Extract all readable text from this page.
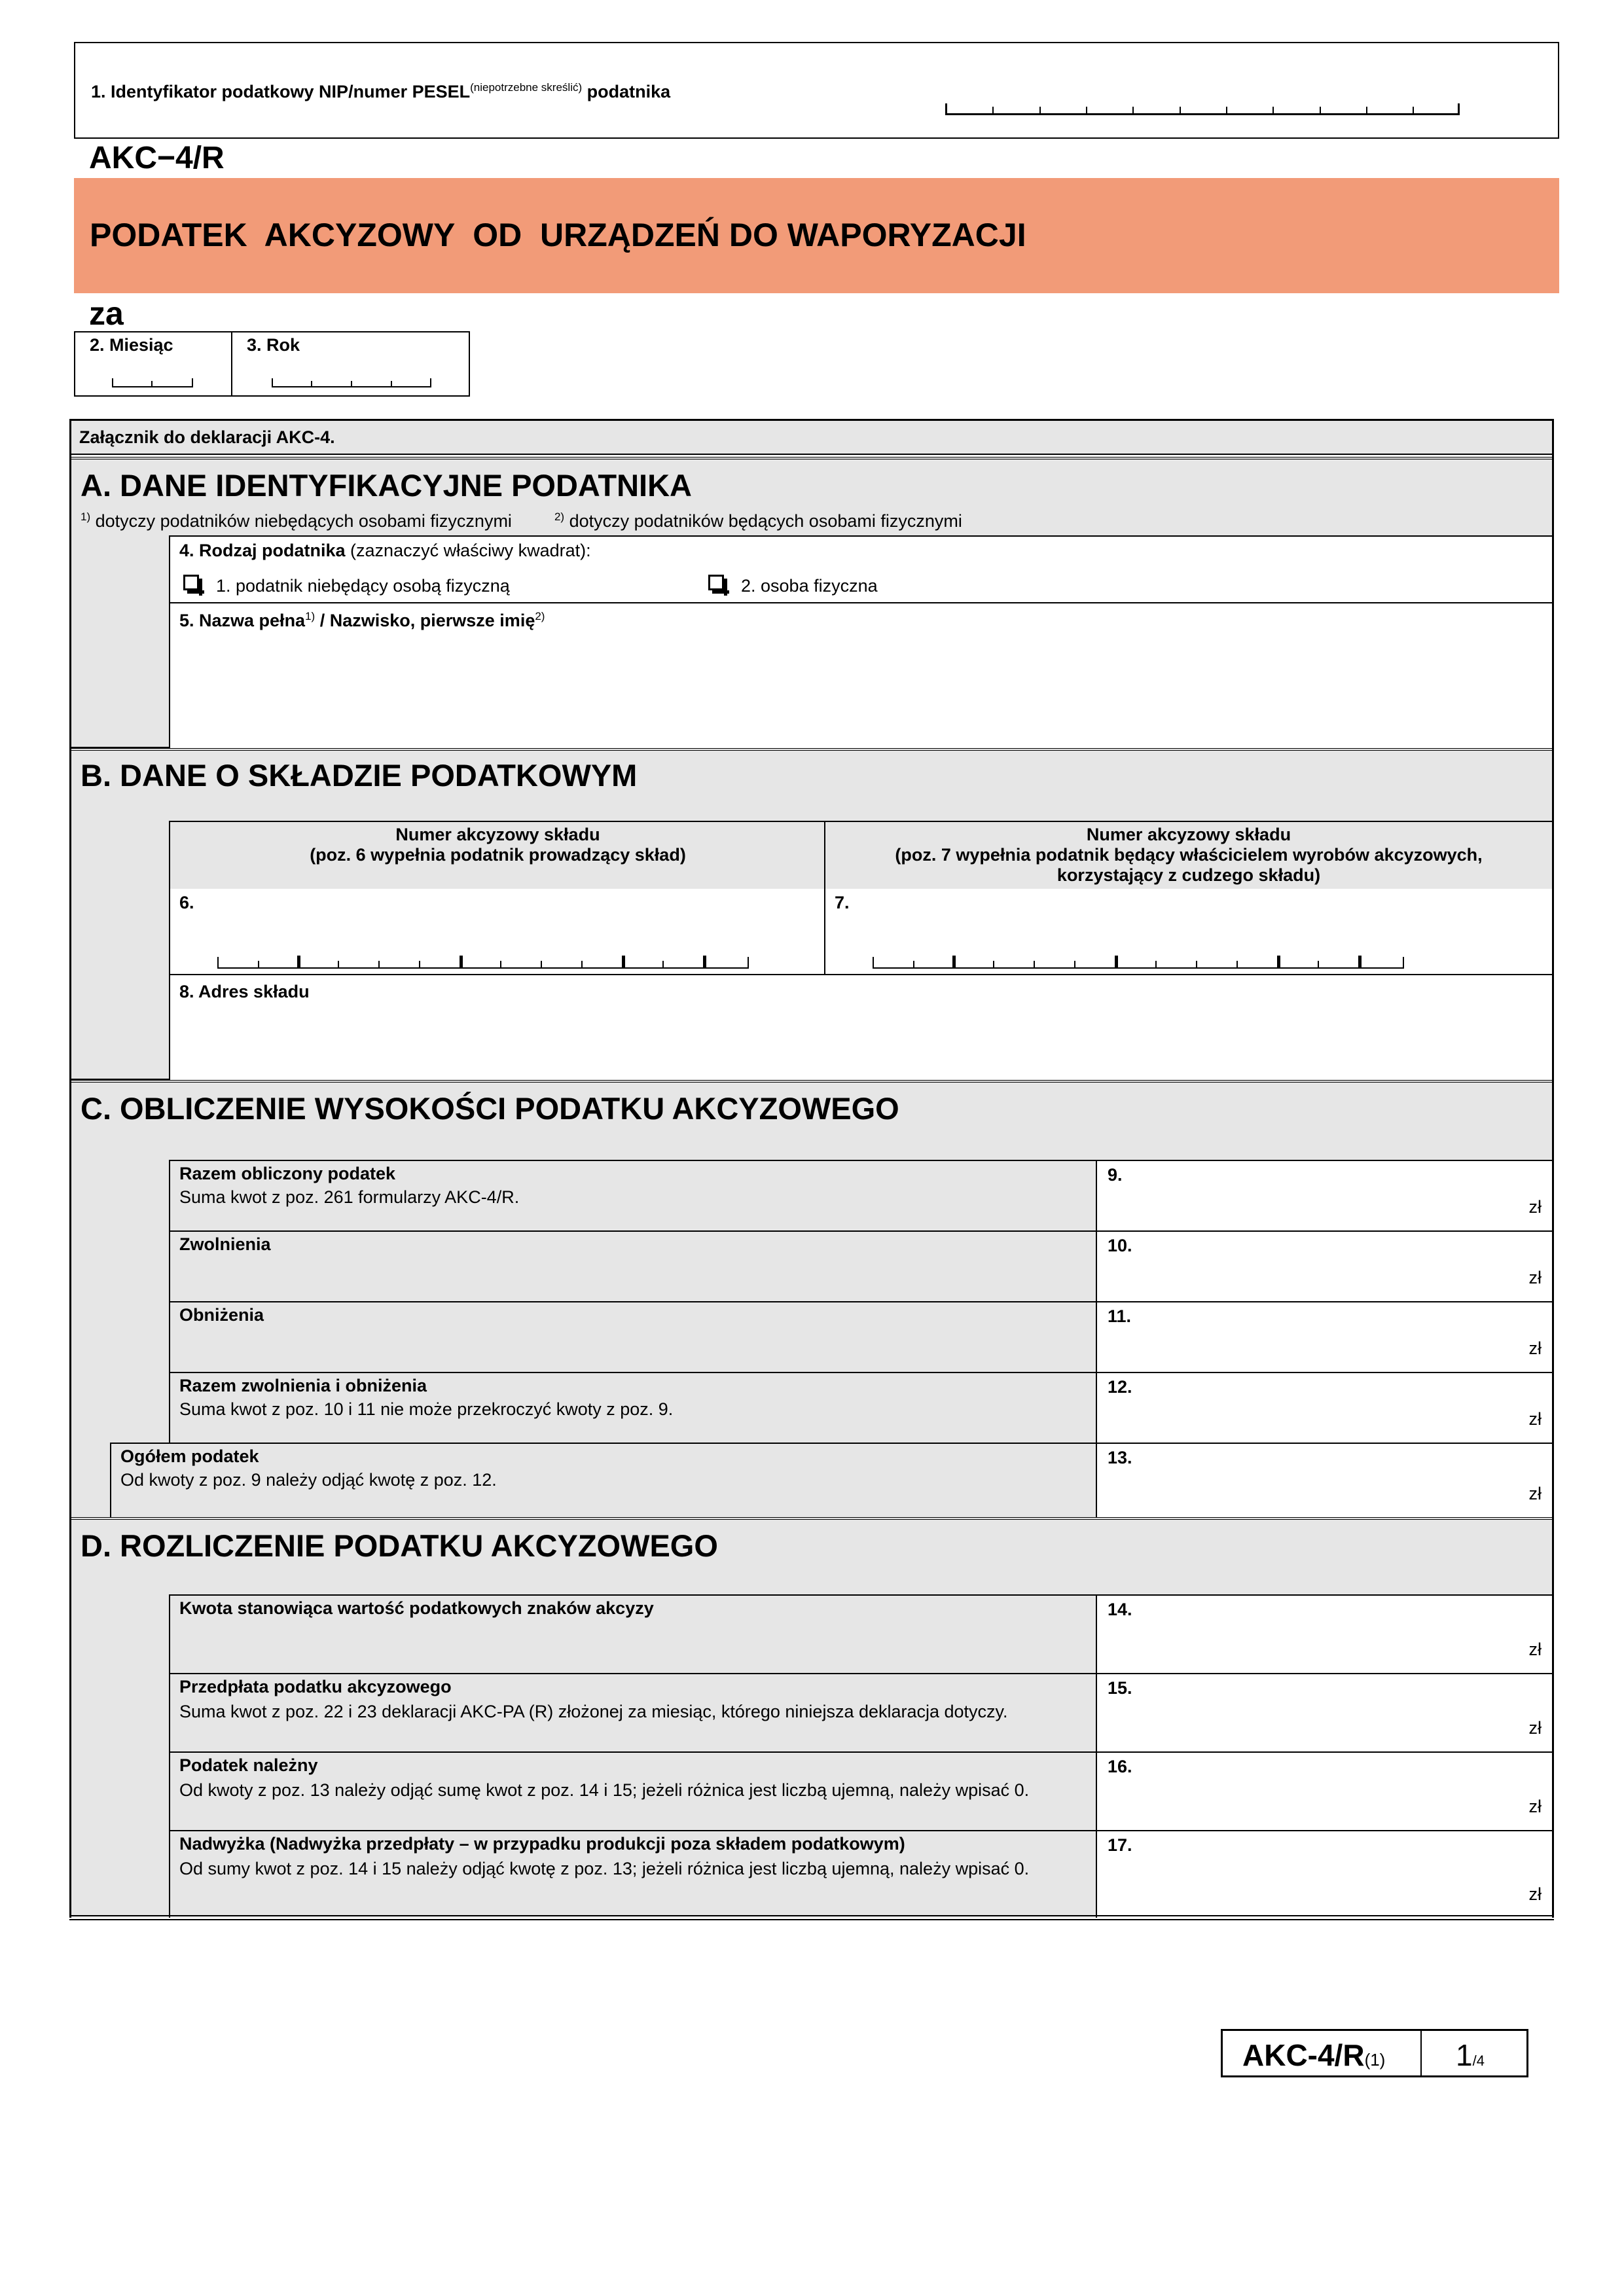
1. Identyfikator podatkowy NIP/numer $PESEL^{(niepotrzebne skreślić)}$ podatnika
AKC−4/R
PODATEK  AKCYZOWY  OD  URZĄDZEŃ DO WAPORYZACJI
za
2. Miesiąc	3. Rok
Załącznik do deklaracji AKC-4.
A. DANE IDENTYFIKACYJNE PODATNIKA
$^{1)}$ dotyczy podatników niebędących osobami fizycznymi	$^{2)}$ dotyczy podatników będących osobami fizycznymi
4. Rodzaj podatnika (zaznaczyć właściwy kwadrat):
1. podatnik niebędący osobą fizyczną	2. osoba fizyczna
5. Nazwa pełna$^{1)}$ / Nazwisko, pierwsze imię$^{2)}$
B. DANE O SKŁADZIE PODATKOWYM
Numer akcyzowy składu
(poz. 6 wypełnia podatnik prowadzący skład)
Numer akcyzowy składu
(poz. 7 wypełnia podatnik będący właścicielem wyrobów akcyzowych,
korzystający z cudzego składu)
6.	7.
8. Adres składu
C. OBLICZENIE WYSOKOŚCI PODATKU AKCYZOWEGO
Razem obliczony podatek
Suma kwot z poz. 261 formularzy AKC-4/R.
9.
zł
Zwolnienia	10.
zł
Obniżenia	11.
zł
Razem zwolnienia i obniżenia
Suma kwot z poz. 10 i 11 nie może przekroczyć kwoty z poz. 9.
12.
zł
Ogółem podatek
Od kwoty z poz. 9 należy odjąć kwotę z poz. 12.
13.
zł
D. ROZLICZENIE PODATKU AKCYZOWEGO
Kwota stanowiąca wartość podatkowych znaków akcyzy	14.
zł
Przedpłata podatku akcyzowego
Suma kwot z poz. 22 i 23 deklaracji AKC-PA (R) złożonej za miesiąc, którego niniejsza deklaracja dotyczy.
15.
zł
Podatek należny
Od kwoty z poz. 13 należy odjąć sumę kwot z poz. 14 i 15; jeżeli różnica jest liczbą ujemną, należy wpisać 0.
16.
zł
Nadwyżka (Nadwyżka przedpłaty – w przypadku produkcji poza składem podatkowym)
Od sumy kwot z poz. 14 i 15 należy odjąć kwotę z poz. 13; jeżeli różnica jest liczbą ujemną, należy wpisać 0.
17.
zł
AKC-4/R(1) 1/4
